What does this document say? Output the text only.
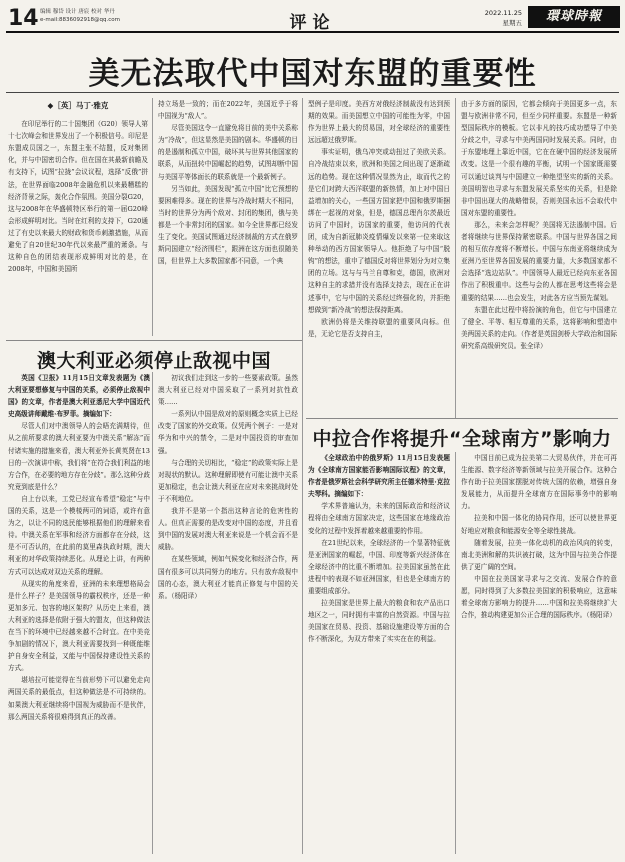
14 编辑 穆岱 设计 唐宸 校对 华丹
e-mail:8836092918@qq.com	评论	2022.11.25
星期五	環球時報
美无法取代中国对东盟的重要性
◆［英］马丁·雅克

在印尼举行的二十国集团（G20）领导人第十七次峰会和世界发出了一个积极信号。印尼是东盟成员国之一，东盟主张不结盟，反对集团化，并与中国密切合作。但在国在其最新前瞻及有支持下，试图“拉拢”会议议程，选择“反俄”拼法，在世界面临2008年金融危机以来最糟糕的经济背景之际，轰化合作氛围。美国分裂G20，这与2008年在华盛顿特区举行的第一届G20峰会形成鲜明对比。当时在红利的支持下，G20通过了有史以来最大的财政和货币刺激措施，从而避免了自20世纪30年代以来最严重的萧条。与这种自色的团结表现形成鲜明对比的是，在2008年，中国和美国所

持立场是一致的；而在2022年，美国近乎于将中国视为“敌人”。

尽管美国这令一直避免将目前的美中关系称为“冷战”，但这显然是美国的剧本。华盛顿的目的是遏制和孤立中国，破坏其与世界其他国家的联系，从而扭转中国崛起的趋势，试图却断中国与美国平等体面长的联系就是一个最新例子。

另当如此，美国发现“孤立中国”比它预想的要困难得多。现在的世界与冷战时期大不相同，当时的世界分为两个敌对、封闭的集团，俄与美都是一个非常封闭的国家。如今全世界都已经发生了变化。美国试图通过经济制裁的方式在俄罗斯同国建立“经济围栏”，跟洲在这方面也很随美国，但世界上大多数国家都不同意，一个典

型例子是印度。美西方对俄经济制裁没有达到预期的效果。而美国想立中国的可能性为零，中国作为世界上最大的贸易国，对全球经济的重要性远远超过俄罗斯。

事实证明，俄乌冲突或动扭过了美欧关系。自冷战结束以来，欧洲和美国之间出现了逐渐疏远的趋势。现在这种情况显然为止，取而代之的是它们对跨大西洋联盟的新热情，加上对中国日益增加的关心，一些国方国家把中国和俄罗斯捆绑在一起视的对象，但是，德国总理肖尔茨最近访问了中国时，访国家的重要，他访问的代表团，成为自新冠肺炎疫情爆发以来第一位来取这种举动的西方国家领导人。他拒绝了与中国“脱钩”的想法，重申了德国反对将世界划分为对立集团的立场。这与与马兰自尊和克，德国，欧洲对这种自主的求措并没有选择支持去，现在正在讲述事中，它与中国的关系经过终强化的，并拒绝想做到“新冷战”的想法保持距离。

欧洲仍将是关维持联盟的重要风向标。但是，无论它是否支持自主，

由于多方面的原因，它都会倾向于美国更多一点，东盟与欧洲非常不同，但至少同样重要。东盟是一种新型国际秩序的模板。它以非凡的技巧成功塑导了中美分歧之中，寻求与中美两国同时发展关系。同时，由于东盟地理上靠近中国，它在在硬中国的经济发展所改变。这是一个很有趣的平衡，试明一个国家既需要可以通过谈判与中国建立一种绝望坚实的新的关系。美国明智也寻求与东盟发展关系坚实的关系，但是除非中国出现大的战略错误，否则美国永远不会取代中国对东盟的重要性。

那么，未来会怎样呢？美国将无法遏制中国。后者将继续与世界保持紧密联系。中国与世界各国之间的相互依存度将不断增长。中国与东南亚将继续成为亚洲乃至世界各国发展的重要力量，大多数国家都不会选择“选边站队”。中国领导人最近已经向东亚各国作出了积极重申。这些与会的人都在思考这些将会是重要的结果……也会发生，对此各方应当预先谋划。

东盟在此过程中将扮演的角色，但它与中国建立了健全、平等、相互尊重的关系，这将影响和塑造中美两国关系的走向。（作者是英国剑桥大学政治和国际研究系高级研究员。张全译）

澳大利亚必须停止敌视中国

英国《卫报》11月15日文章发表题为《澳大利亚要想修复与中国的关系，必须停止敌视中国》的文章，作者是澳大利亚悉尼大学中国近代史高级讲师戴维·布罗菲。摘编如下：

尽管人们对中澳领导人的会晤充满期待，但从之前所要求的澳大利亚要为中澳关系“解冻”而付诸实施的措施来看，澳大利亚外长黄英贤在13日的一次演讲中称，我们将“在符合我们利益的地方合作，在必要的地方存在分歧”。那么这种分歧究竟到底是什么？

自上台以来，工党已经宣布希望“稳定”与中国的关系，这是一个模棱两可的词语，或许有意为之，以让不同的选民能够根据他们的理解来看待。中澳关系在军事和经济方面都存在分歧，这是不可否认的，在此前的莫里森执政时期，澳大利亚的对华政策持续恶化。从理论上讲，有两种方式可以达成对双边关系的理解。

从现实的角度来看，亚洲的未来理想格局会是什么样子？是美国领导的霸权秩序，还是一种更加多元、包容的地区架构？从历史上来看，澳大利亚的选择是依附于强大的盟友，但这种做法在当下的环境中已经越来越不合时宜。在中美竞争加剧的情况下，澳大利亚需要找到一种既能维护自身安全利益，又能与中国保持建设性关系的方式。

堪培拉可能觉得在当前形势下可以避免走向两国关系的最低点，但这种做法是不可持续的。如果澳大利亚继续将中国视为威胁而不是伙伴，那么两国关系将很难得到真正的改善。

初议我们走到这一步的一些要素政策。虽然澳大利亚已经对中国采取了一系列对抗性政策……

一系列认中国是敌对的原则概念实质上已经改变了国家的外交政策。仅凭两个例子：一是对华为和中兴的禁令，二是对中国投资的审查加强。

与合理的关切相比，“稳定”的政策实际上是对现状的默认。这种理解即使有可能让澳中关系更加稳定，也会让澳大利亚在应对未来挑战时处于不利地位。

我并不是第一个指出这种言论的危害性的人。但真正需要的是改变对中国的态度，并且看到中国的发展对澳大利亚来说是一个机会而不是威胁。

在某些领域，例如气候变化和经济合作，两国有很多可以共同努力的地方。只有放弃敌视中国的心态，澳大利亚才能真正修复与中国的关系。（杨阳译）

中拉合作将提升“全球南方”影响力

《全球政治中的俄罗斯》11月15日发表题为《全球南方国家能否影响国际议程》的文章，作者是俄罗斯社会科学研究所主任德米特里·克拉夫琴科。摘编如下：

学术界普遍认为，未来的国际政治和经济议程将由全球南方国家决定，这些国家在地缘政治变化的过程中发挥着越来越重要的作用。

在21世纪以来，全球经济的一个显著特征就是亚洲国家的崛起，中国、印度等新兴经济体在全球经济中的比重不断增加。拉美国家虽然在此进程中的表现不如亚洲国家，但也是全球南方的重要组成部分。

拉美国家是世界上最大的粮食和农产品出口地区之一，同时拥有丰富的自然资源。中国与拉美国家在贸易、投资、基础设施建设等方面的合作不断深化，为双方带来了实实在在的利益。

中国目前已成为拉美第二大贸易伙伴，并在可再生能源、数字经济等新领域与拉美开展合作。这种合作有助于拉美国家摆脱对传统大国的依赖，增强自身发展能力，从而提升全球南方在国际事务中的影响力。

拉美和中国一体化的协同作用，还可以使世界更好地应对粮食和能源安全等全球性挑战。

随着发展，拉美一体化动机的政治风向的转变，南北美洲和解的共识被打破，这为中国与拉美合作提供了更广阔的空间。

中国在拉美国家寻求与之交流、发展合作的意愿，同时得到了大多数拉美国家的积极响应，这意味着全球南方影响力的提升……中国和拉美将继续扩大合作，推动构建更加公正合理的国际秩序。（杨阳译）
